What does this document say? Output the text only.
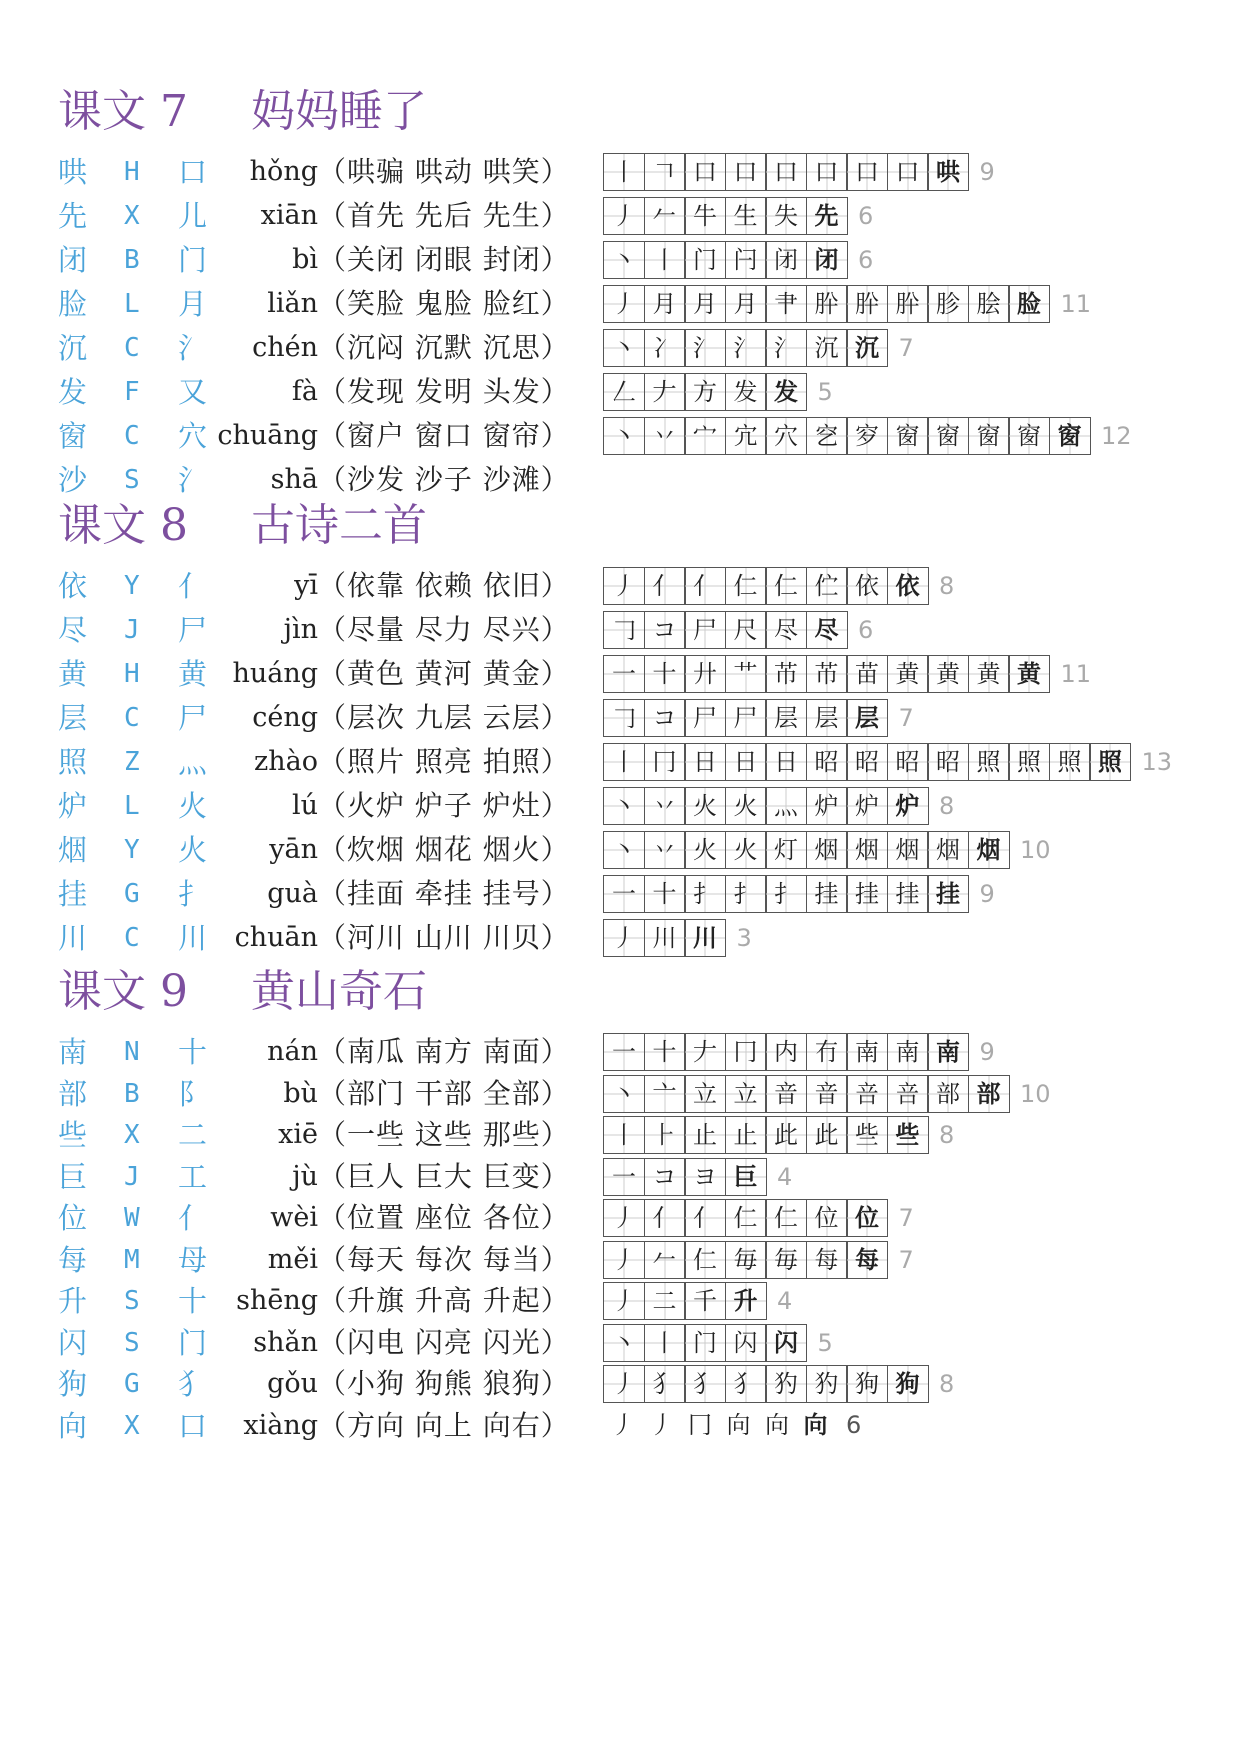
课文 7 妈妈睡了
哄 H 口 hǒng （哄骗 哄动 哄笑）	丨 𠃍 口 口 口 口 口 口 哄 9
先 X 儿 xiān （首先 先后 先生）	丿 𠂉 牛 生 失 先 6
闭 B 门	bì （关闭 闭眼 封闭）	丶 丨 门 闩 闭 闭 6
脸 L 月 liǎn （笑脸 鬼脸 脸红）	丿 月 月 月 肀 肸 肸 肸 胗 脍 脸 11
沉 C 氵 chén （沉闷 沉默 沉思）	丶 冫 氵 氵 氵 沉 沉 7
发 F 又	fà （发现 发明 头发）	𠃋 𠂇 方 发 发 5
窗 C 穴 chuāng （窗户 窗口 窗帘）	丶 丷 宀 宂 穴 穵 穸 窗 窗 窗 窗 窗 12
沙 S 氵 shā （沙发 沙子 沙滩）
课文 8 古诗二首
依 Y 亻	yī （依靠 依赖 依旧）	丿 亻 亻 仁 仁 伫 依 依 8
尽 J 尸	jìn （尽量 尽力 尽兴）	𠃌 コ 尸 尺 尽 尽 6
黄 H 黄 huáng （黄色 黄河 黄金）	一 十 廾 艹 芇 芇 苗 黄 黄 黄 黄 11
层 C 尸 céng （层次 九层 云层）	𠃌 コ 尸 尸 层 层 层 7
照 Z 灬 zhào （照片 照亮 拍照）	丨 冂 日 日 日 昭 昭 昭 昭 照 照 照 照 13
炉 L 火	lú （火炉 炉子 炉灶）	丶 丷 火 火 灬 炉 炉 炉 8
烟 Y 火 yān （炊烟 烟花 烟火）	丶 丷 火 火 灯 烟 烟 烟 烟 烟 10
挂 G 扌 guà （挂面 牵挂 挂号）	一 十 扌 扌 扌 挂 挂 挂 挂 9
川 C 川 chuān （河川 山川 川贝）	丿 川 川 3
课文 9 黄山奇石
南 N 十 nán （南瓜 南方 南面）	一 十 𠂇 冂 内 冇 南 南 南 9
部 B 阝	bù （部门 干部 全部）	丶 亠 立 立 音 音 咅 咅 部 部 10
些 X 二	xiē （一些 这些 那些）	丨 ⺊ 止 止 此 此 些 些 8
巨 J 工	jù （巨人 巨大 巨变）	一 コ ヨ 巨 4
位 W 亻 wèi （位置 座位 各位）	丿 亻 亻 仁 仁 位 位 7
每 M 母 měi （每天 每次 每当）	丿 𠂉 仁 毎 毎 每 每 7
升 S 十 shēng （升旗 升高 升起）	丿 二 千 升 4
闪 S 门 shǎn （闪电 闪亮 闪光）	丶 丨 门 闪 闪 5
狗 G 犭 gǒu （小狗 狗熊 狼狗）	丿 犭 犭 犭 犳 犳 狗 狗 8
向 X 口 xiàng （方向 向上 向右）	丿 丿 冂 向 向 向 6
